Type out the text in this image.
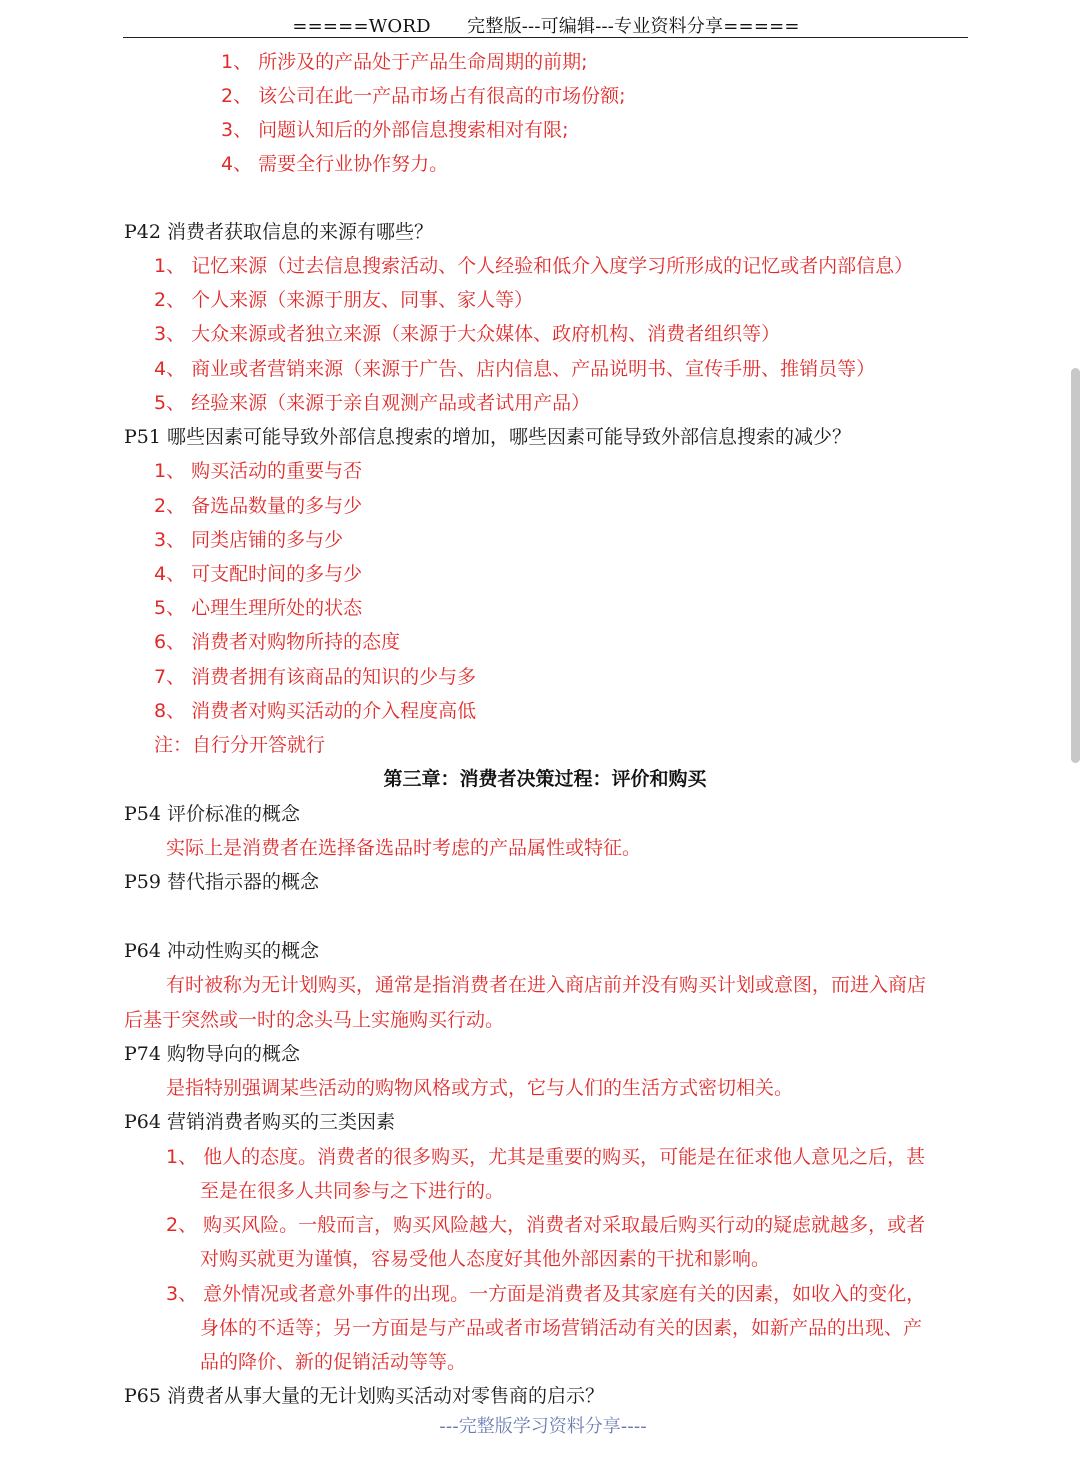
=====WORD　　完整版---可编辑---专业资料分享=====
1、 所涉及的产品处于产品生命周期的前期;
2、 该公司在此一产品市场占有很高的市场份额;
3、 问题认知后的外部信息搜索相对有限;
4、 需要全行业协作努力。
P42 消费者获取信息的来源有哪些？
1、 记忆来源（过去信息搜索活动、个人经验和低介入度学习所形成的记忆或者内部信息）
2、 个人来源（来源于朋友、同事、家人等）
3、 大众来源或者独立来源（来源于大众媒体、政府机构、消费者组织等）
4、 商业或者营销来源（来源于广告、店内信息、产品说明书、宣传手册、推销员等）
5、 经验来源（来源于亲自观测产品或者试用产品）
P51 哪些因素可能导致外部信息搜索的增加，哪些因素可能导致外部信息搜索的减少？
1、 购买活动的重要与否
2、 备选品数量的多与少
3、 同类店铺的多与少
4、 可支配时间的多与少
5、 心理生理所处的状态
6、 消费者对购物所持的态度
7、 消费者拥有该商品的知识的少与多
8、 消费者对购买活动的介入程度高低
注：自行分开答就行
第三章：消费者决策过程：评价和购买
P54 评价标准的概念
实际上是消费者在选择备选品时考虑的产品属性或特征。
P59 替代指示器的概念
P64 冲动性购买的概念
有时被称为无计划购买，通常是指消费者在进入商店前并没有购买计划或意图，而进入商店
后基于突然或一时的念头马上实施购买行动。
P74 购物导向的概念
是指特别强调某些活动的购物风格或方式，它与人们的生活方式密切相关。
P64 营销消费者购买的三类因素
1、 他人的态度。消费者的很多购买，尤其是重要的购买，可能是在征求他人意见之后，甚
至是在很多人共同参与之下进行的。
2、 购买风险。一般而言，购买风险越大，消费者对采取最后购买行动的疑虑就越多，或者
对购买就更为谨慎，容易受他人态度好其他外部因素的干扰和影响。
3、 意外情况或者意外事件的出现。一方面是消费者及其家庭有关的因素，如收入的变化，
身体的不适等；另一方面是与产品或者市场营销活动有关的因素，如新产品的出现、产
品的降价、新的促销活动等等。
P65 消费者从事大量的无计划购买活动对零售商的启示？
---完整版学习资料分享----
